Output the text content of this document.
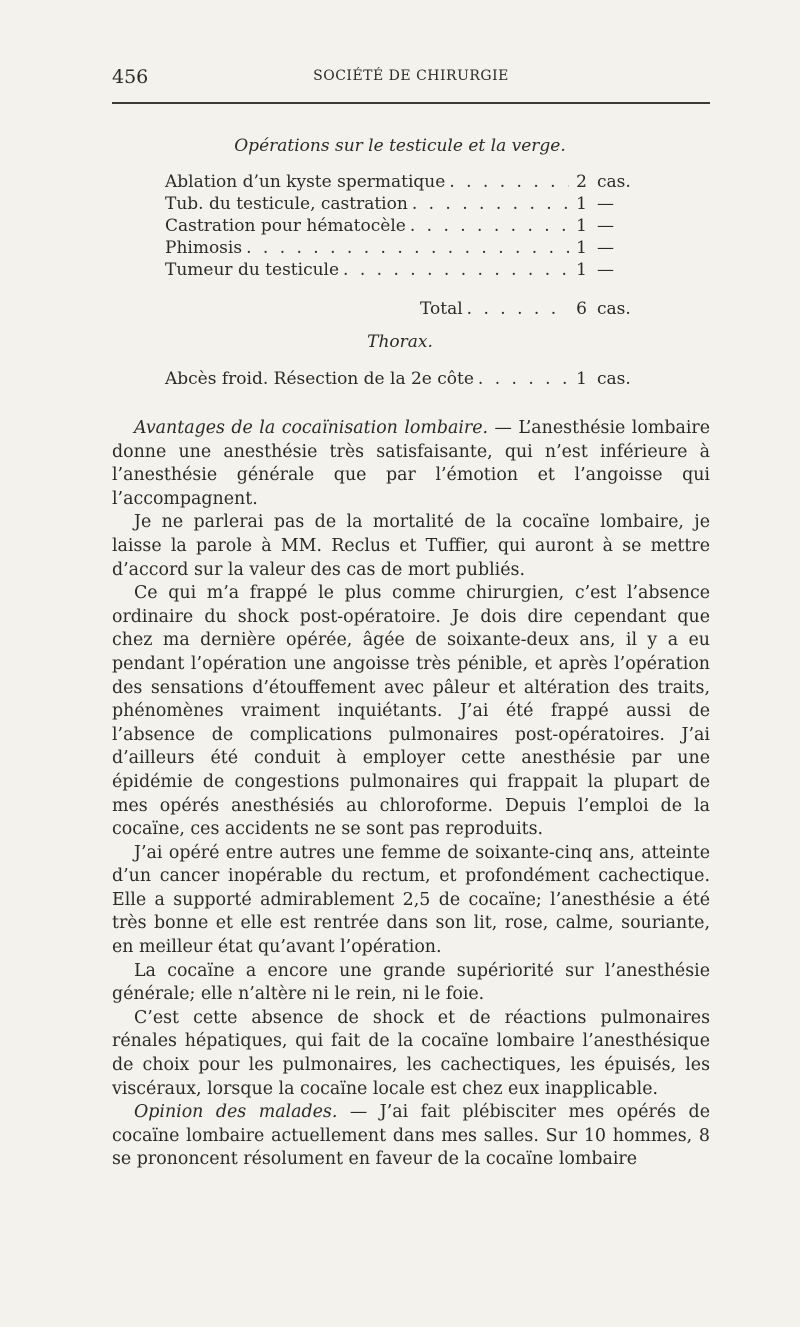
456	SOCIÉTÉ DE CHIRURGIE
Opérations sur le testicule et la verge.
Ablation d’un kyste spermatique . . .	2 cas.
Tub. du testicule, castration . . .	1 —
Castration pour hématocèle . . .	1 —
Phimosis . . .	1 —
Tumeur du testicule . . .	1 —
Total . . .	6 cas.
Thorax.
Abcès froid. Résection de la 2e côte . . .	1 cas.

Avantages de la cocaïnisation lombaire. — L’anesthésie lombaire donne une anesthésie très satisfaisante, qui n’est inférieure à l’anesthésie générale que par l’émotion et l’angoisse qui l’accompagnent.

Je ne parlerai pas de la mortalité de la cocaïne lombaire, je laisse la parole à MM. Reclus et Tuffier, qui auront à se mettre d’accord sur la valeur des cas de mort publiés.

Ce qui m’a frappé le plus comme chirurgien, c’est l’absence ordinaire du shock post-opératoire. Je dois dire cependant que chez ma dernière opérée, âgée de soixante-deux ans, il y a eu pendant l’opération une angoisse très pénible, et après l’opération des sensations d’étouffement avec pâleur et altération des traits, phénomènes vraiment inquiétants. J’ai été frappé aussi de l’absence de complications pulmonaires post-opératoires. J’ai d’ailleurs été conduit à employer cette anesthésie par une épidémie de congestions pulmonaires qui frappait la plupart de mes opérés anesthésiés au chloroforme. Depuis l’emploi de la cocaïne, ces accidents ne se sont pas reproduits.

J’ai opéré entre autres une femme de soixante-cinq ans, atteinte d’un cancer inopérable du rectum, et profondément cachectique. Elle a supporté admirablement 2,5 de cocaïne; l’anesthésie a été très bonne et elle est rentrée dans son lit, rose, calme, souriante, en meilleur état qu’avant l’opération.

La cocaïne a encore une grande supériorité sur l’anesthésie générale; elle n’altère ni le rein, ni le foie.

C’est cette absence de shock et de réactions pulmonaires rénales hépatiques, qui fait de la cocaïne lombaire l’anesthésique de choix pour les pulmonaires, les cachectiques, les épuisés, les viscéraux, lorsque la cocaïne locale est chez eux inapplicable.

Opinion des malades. — J’ai fait plébisciter mes opérés de cocaïne lombaire actuellement dans mes salles. Sur 10 hommes, 8 se prononcent résolument en faveur de la cocaïne lombaire
